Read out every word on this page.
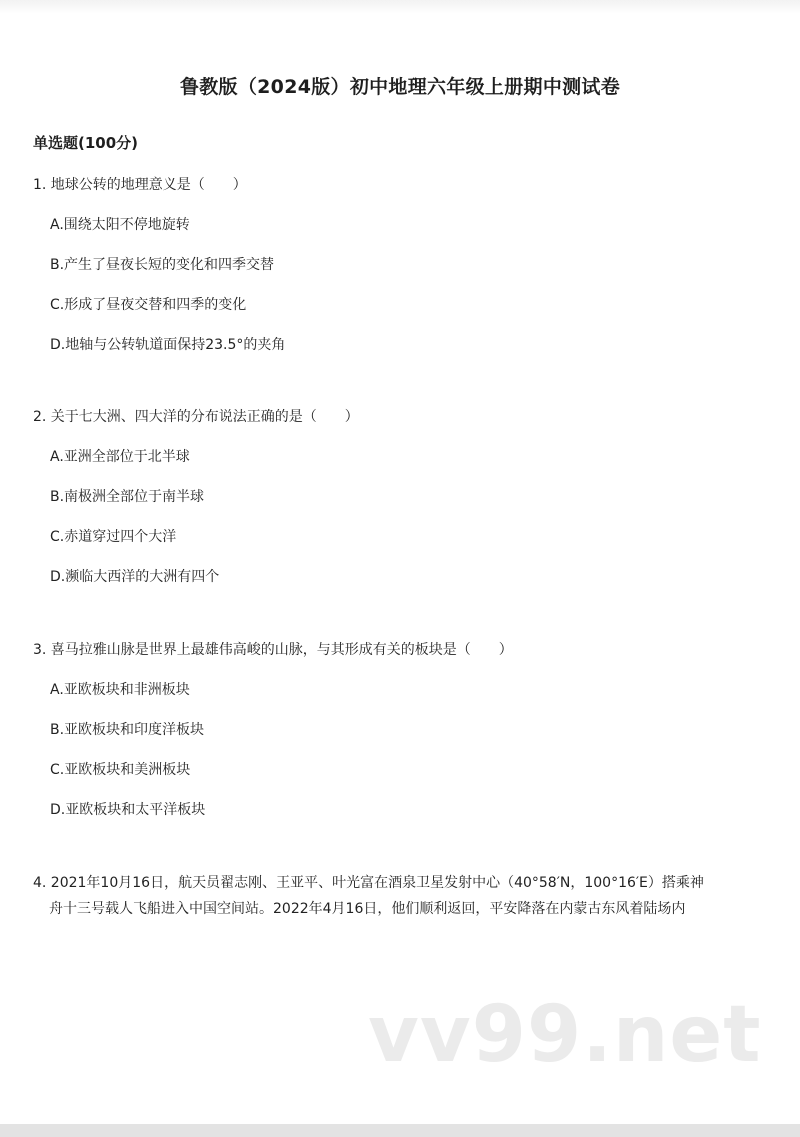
鲁教版（2024版）初中地理六年级上册期中测试卷
单选题(100分)
1. 地球公转的地理意义是（　　）
A.围绕太阳不停地旋转
B.产生了昼夜长短的变化和四季交替
C.形成了昼夜交替和四季的变化
D.地轴与公转轨道面保持23.5°的夹角
2. 关于七大洲、四大洋的分布说法正确的是（　　）
A.亚洲全部位于北半球
B.南极洲全部位于南半球
C.赤道穿过四个大洋
D.濒临大西洋的大洲有四个
3. 喜马拉雅山脉是世界上最雄伟高峻的山脉，与其形成有关的板块是（　　）
A.亚欧板块和非洲板块
B.亚欧板块和印度洋板块
C.亚欧板块和美洲板块
D.亚欧板块和太平洋板块
4. 2021年10月16日，航天员翟志刚、王亚平、叶光富在酒泉卫星发射中心（40°58′N，100°16′E）搭乘神
舟十三号载人飞船进入中国空间站。2022年4月16日，他们顺利返回，平安降落在内蒙古东风着陆场内
vv99.net
